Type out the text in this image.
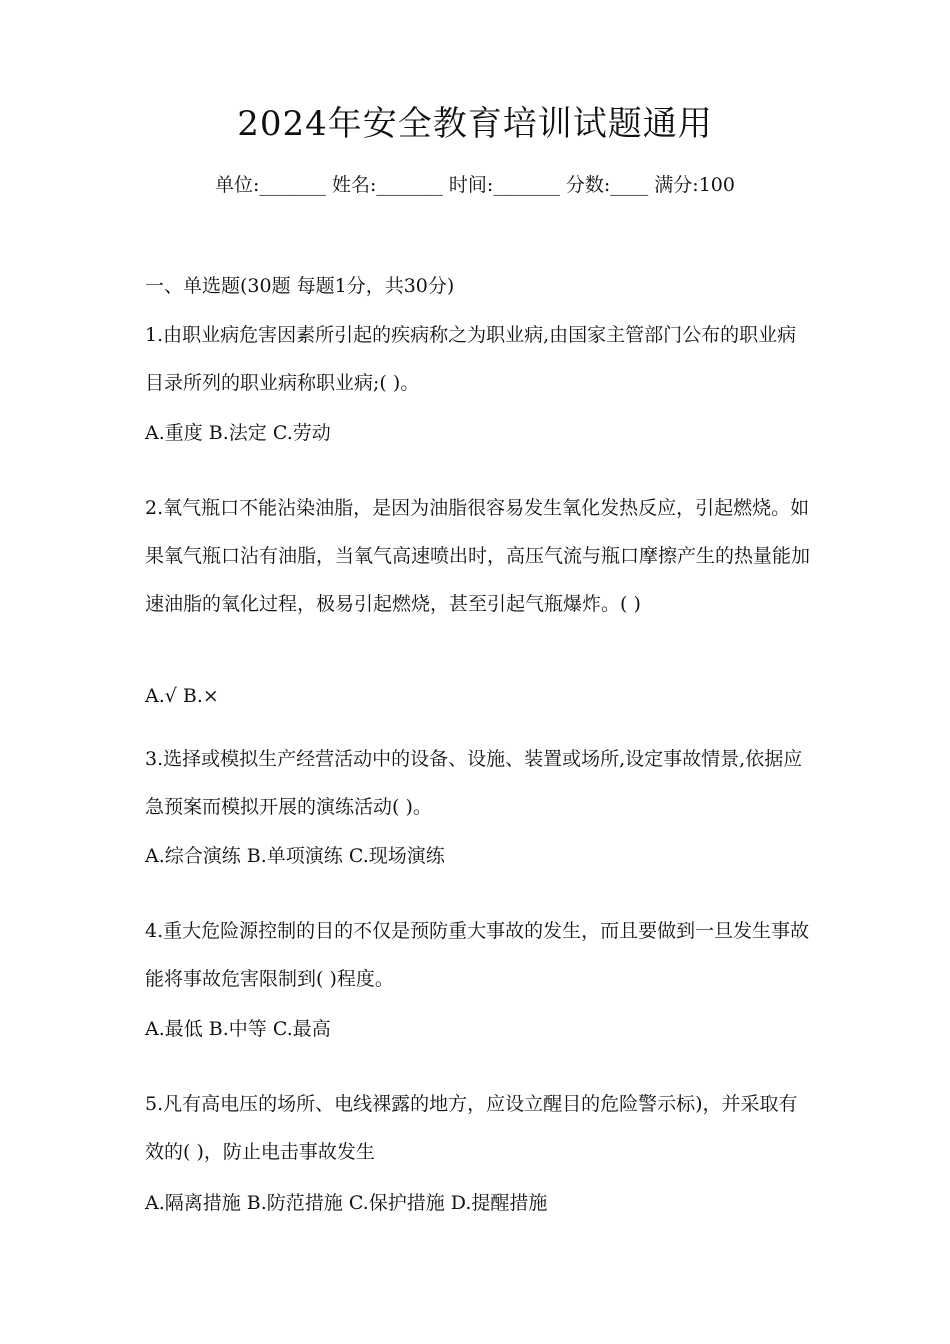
2024年安全教育培训试题通用
单位:_______ 姓名:_______ 时间:_______ 分数:____ 满分:100
一、单选题(30题 每题1分，共30分)
1.由职业病危害因素所引起的疾病称之为职业病,由国家主管部门公布的职业病目录所列的职业病称职业病;( )。
A.重度 B.法定 C.劳动
2.氧气瓶口不能沾染油脂，是因为油脂很容易发生氧化发热反应，引起燃烧。如果氧气瓶口沾有油脂，当氧气高速喷出时，高压气流与瓶口摩擦产生的热量能加速油脂的氧化过程，极易引起燃烧，甚至引起气瓶爆炸。( )
A.√ B.×
3.选择或模拟生产经营活动中的设备、设施、装置或场所,设定事故情景,依据应急预案而模拟开展的演练活动( )。
A.综合演练 B.单项演练 C.现场演练
4.重大危险源控制的目的不仅是预防重大事故的发生，而且要做到一旦发生事故能将事故危害限制到( )程度。
A.最低 B.中等 C.最高
5.凡有高电压的场所、电线裸露的地方，应设立醒目的危险警示标)，并采取有效的( )，防止电击事故发生
A.隔离措施 B.防范措施 C.保护措施 D.提醒措施
